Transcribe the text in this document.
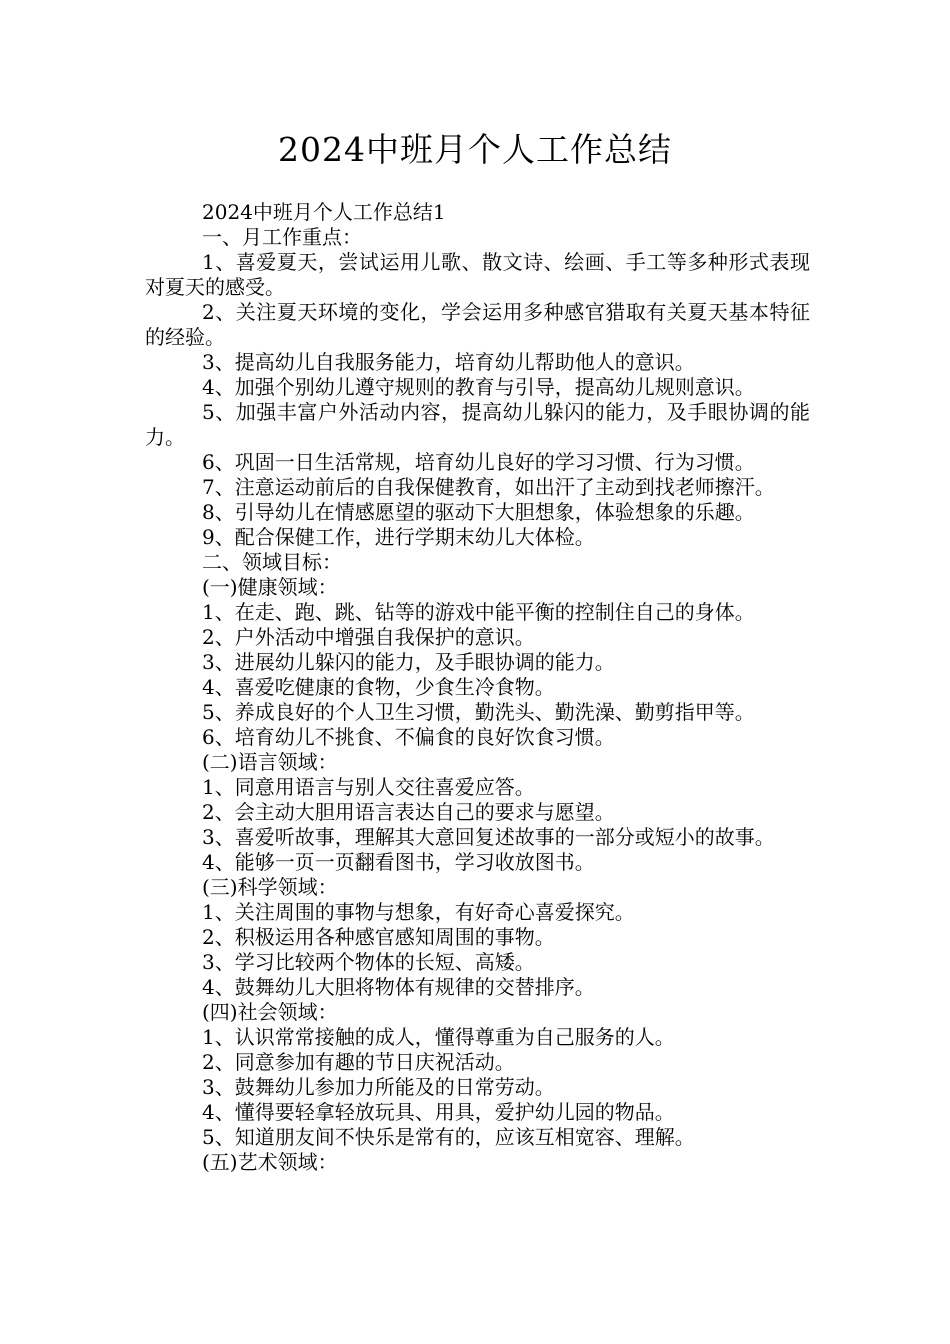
2024中班月个人工作总结

2024中班月个人工作总结1

一、月工作重点：

1、喜爱夏天，尝试运用儿歌、散文诗、绘画、手工等多种形式表现对夏天的感受。

2、关注夏天环境的变化，学会运用多种感官猎取有关夏天基本特征的经验。

3、提高幼儿自我服务能力，培育幼儿帮助他人的意识。

4、加强个别幼儿遵守规则的教育与引导，提高幼儿规则意识。

5、加强丰富户外活动内容，提高幼儿躲闪的能力，及手眼协调的能力。

6、巩固一日生活常规，培育幼儿良好的学习习惯、行为习惯。

7、注意运动前后的自我保健教育，如出汗了主动到找老师擦汗。

8、引导幼儿在情感愿望的驱动下大胆想象，体验想象的乐趣。

9、配合保健工作，进行学期末幼儿大体检。

二、领域目标：

(一)健康领域：

1、在走、跑、跳、钻等的游戏中能平衡的控制住自己的身体。

2、户外活动中增强自我保护的意识。

3、进展幼儿躲闪的能力，及手眼协调的能力。

4、喜爱吃健康的食物，少食生冷食物。

5、养成良好的个人卫生习惯，勤洗头、勤洗澡、勤剪指甲等。

6、培育幼儿不挑食、不偏食的良好饮食习惯。

(二)语言领域：

1、同意用语言与别人交往喜爱应答。

2、会主动大胆用语言表达自己的要求与愿望。

3、喜爱听故事，理解其大意回复述故事的一部分或短小的故事。

4、能够一页一页翻看图书，学习收放图书。

(三)科学领域：

1、关注周围的事物与想象，有好奇心喜爱探究。

2、积极运用各种感官感知周围的事物。

3、学习比较两个物体的长短、高矮。

4、鼓舞幼儿大胆将物体有规律的交替排序。

(四)社会领域：

1、认识常常接触的成人，懂得尊重为自己服务的人。

2、同意参加有趣的节日庆祝活动。

3、鼓舞幼儿参加力所能及的日常劳动。

4、懂得要轻拿轻放玩具、用具，爱护幼儿园的物品。

5、知道朋友间不快乐是常有的，应该互相宽容、理解。

(五)艺术领域：
